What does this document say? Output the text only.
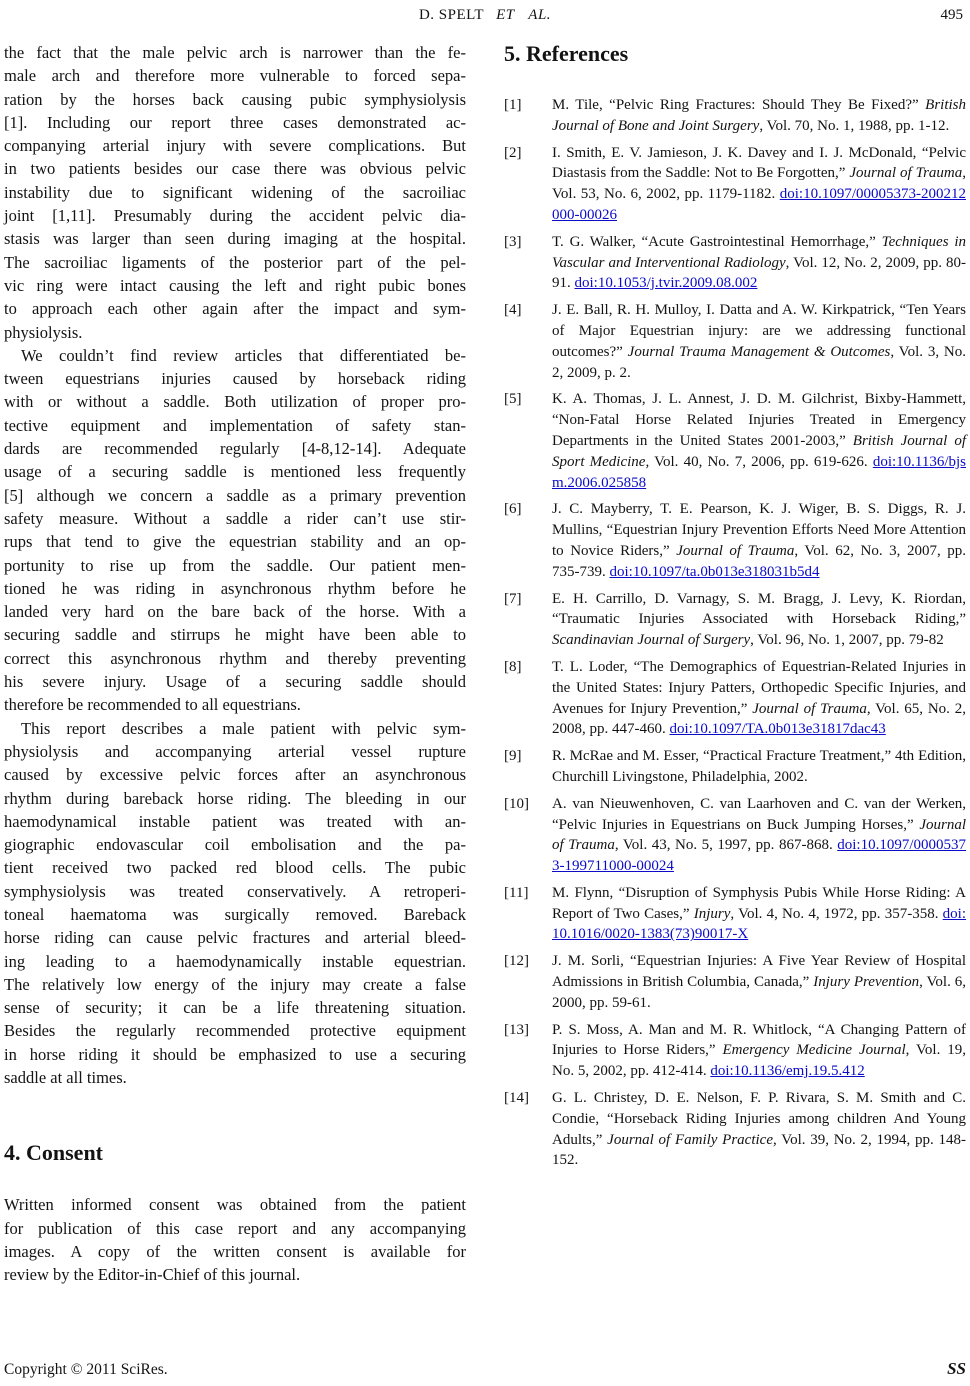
D. SPELT ET AL.	495
the fact that the male pelvic arch is narrower than the fe-
male arch and therefore more vulnerable to forced sepa-
ration by the horses back causing pubic symphysiolysis
[1]. Including our report three cases demonstrated ac-
companying arterial injury with severe complications. But
in two patients besides our case there was obvious pelvic
instability due to significant widening of the sacroiliac
joint [1,11]. Presumably during the accident pelvic dia-
stasis was larger than seen during imaging at the hospital.
The sacroiliac ligaments of the posterior part of the pel-
vic ring were intact causing the left and right pubic bones
to approach each other again after the impact and sym-
physiolysis.
We couldn’t find review articles that differentiated be-
tween equestrians injuries caused by horseback riding
with or without a saddle. Both utilization of proper pro-
tective equipment and implementation of safety stan-
dards are recommended regularly [4-8,12-14]. Adequate
usage of a securing saddle is mentioned less frequently
[5] although we concern a saddle as a primary prevention
safety measure. Without a saddle a rider can’t use stir-
rups that tend to give the equestrian stability and an op-
portunity to rise up from the saddle. Our patient men-
tioned he was riding in asynchronous rhythm before he
landed very hard on the bare back of the horse. With a
securing saddle and stirrups he might have been able to
correct this asynchronous rhythm and thereby preventing
his severe injury. Usage of a securing saddle should
therefore be recommended to all equestrians.
This report describes a male patient with pelvic sym-
physiolysis and accompanying arterial vessel rupture
caused by excessive pelvic forces after an asynchronous
rhythm during bareback horse riding. The bleeding in our
haemodynamical instable patient was treated with an-
giographic endovascular coil embolisation and the pa-
tient received two packed red blood cells. The pubic
symphysiolysis was treated conservatively. A retroperi-
toneal haematoma was surgically removed. Bareback
horse riding can cause pelvic fractures and arterial bleed-
ing leading to a haemodynamically instable equestrian.
The relatively low energy of the injury may create a false
sense of security; it can be a life threatening situation.
Besides the regularly recommended protective equipment
in horse riding it should be emphasized to use a securing
saddle at all times.
4. Consent
Written informed consent was obtained from the patient
for publication of this case report and any accompanying
images. A copy of the written consent is available for
review by the Editor-in-Chief of this journal.
5. References
[1] M. Tile, “Pelvic Ring Fractures: Should They Be Fixed?” British Journal of Bone and Joint Surgery, Vol. 70, No. 1, 1988, pp. 1-12.
[2] I. Smith, E. V. Jamieson, J. K. Davey and I. J. McDonald, “Pelvic Diastasis from the Saddle: Not to Be Forgotten,” Journal of Trauma, Vol. 53, No. 6, 2002, pp. 1179-1182. doi:10.1097/00005373-200212000-00026
[3] T. G. Walker, “Acute Gastrointestinal Hemorrhage,” Techniques in Vascular and Interventional Radiology, Vol. 12, No. 2, 2009, pp. 80-91. doi:10.1053/j.tvir.2009.08.002
[4] J. E. Ball, R. H. Mulloy, I. Datta and A. W. Kirkpatrick, “Ten Years of Major Equestrian injury: are we addressing functional outcomes?” Journal Trauma Management & Outcomes, Vol. 3, No. 2, 2009, p. 2.
[5] K. A. Thomas, J. L. Annest, J. D. M. Gilchrist, Bixby-Hammett, “Non-Fatal Horse Related Injuries Treated in Emergency Departments in the United States 2001-2003,” British Journal of Sport Medicine, Vol. 40, No. 7, 2006, pp. 619-626. doi:10.1136/bjsm.2006.025858
[6] J. C. Mayberry, T. E. Pearson, K. J. Wiger, B. S. Diggs, R. J. Mullins, “Equestrian Injury Prevention Efforts Need More Attention to Novice Riders,” Journal of Trauma, Vol. 62, No. 3, 2007, pp. 735-739. doi:10.1097/ta.0b013e318031b5d4
[7] E. H. Carrillo, D. Varnagy, S. M. Bragg, J. Levy, K. Riordan, “Traumatic Injuries Associated with Horseback Riding,” Scandinavian Journal of Surgery, Vol. 96, No. 1, 2007, pp. 79-82
[8] T. L. Loder, “The Demographics of Equestrian-Related Injuries in the United States: Injury Patters, Orthopedic Specific Injuries, and Avenues for Injury Prevention,” Journal of Trauma, Vol. 65, No. 2, 2008, pp. 447-460. doi:10.1097/TA.0b013e31817dac43
[9] R. McRae and M. Esser, “Practical Fracture Treatment,” 4th Edition, Churchill Livingstone, Philadelphia, 2002.
[10] A. van Nieuwenhoven, C. van Laarhoven and C. van der Werken, “Pelvic Injuries in Equestrians on Buck Jumping Horses,” Journal of Trauma, Vol. 43, No. 5, 1997, pp. 867-868. doi:10.1097/00005373-199711000-00024
[11] M. Flynn, “Disruption of Symphysis Pubis While Horse Riding: A Report of Two Cases,” Injury, Vol. 4, No. 4, 1972, pp. 357-358. doi:10.1016/0020-1383(73)90017-X
[12] J. M. Sorli, “Equestrian Injuries: A Five Year Review of Hospital Admissions in British Columbia, Canada,” Injury Prevention, Vol. 6, 2000, pp. 59-61.
[13] P. S. Moss, A. Man and M. R. Whitlock, “A Changing Pattern of Injuries to Horse Riders,” Emergency Medicine Journal, Vol. 19, No. 5, 2002, pp. 412-414. doi:10.1136/emj.19.5.412
[14] G. L. Christey, D. E. Nelson, F. P. Rivara, S. M. Smith and C. Condie, “Horseback Riding Injuries among children And Young Adults,” Journal of Family Practice, Vol. 39, No. 2, 1994, pp. 148-152.
Copyright © 2011 SciRes.	SS
